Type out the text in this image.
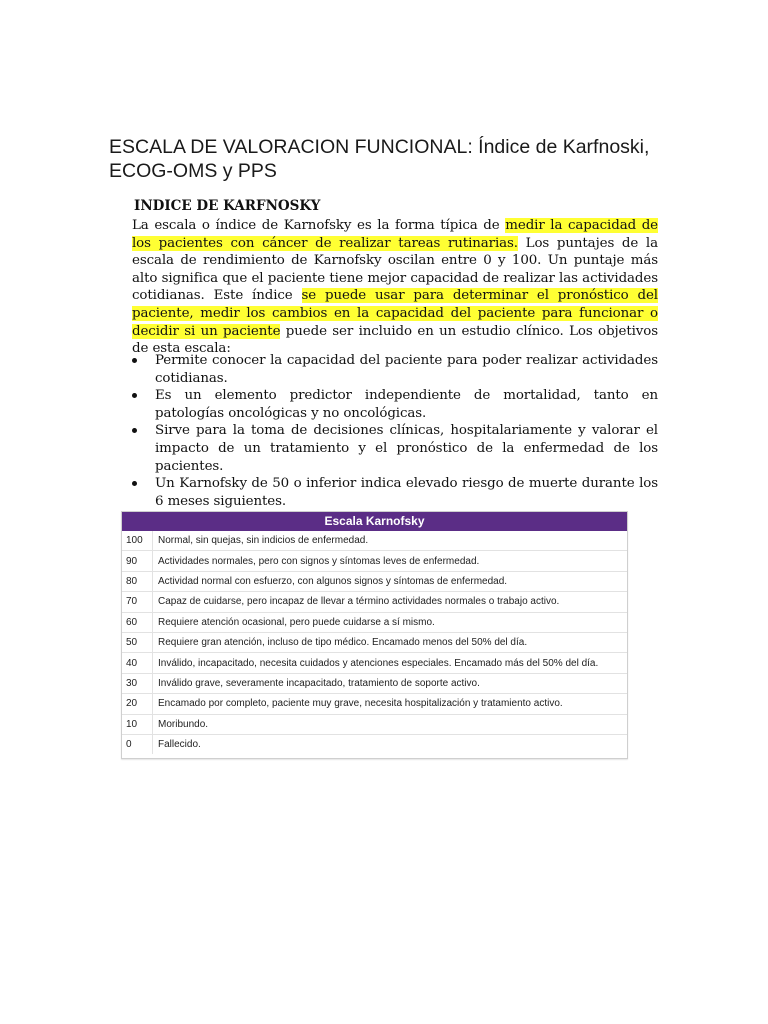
ESCALA DE VALORACION FUNCIONAL: Índice de Karfnoski, ECOG-OMS y PPS
INDICE DE KARFNOSKY
La escala o índice de Karnofsky es la forma típica de medir la capacidad de los pacientes con cáncer de realizar tareas rutinarias. Los puntajes de la escala de rendimiento de Karnofsky oscilan entre 0 y 100. Un puntaje más alto significa que el paciente tiene mejor capacidad de realizar las actividades cotidianas. Este índice se puede usar para determinar el pronóstico del paciente, medir los cambios en la capacidad del paciente para funcionar o decidir si un paciente puede ser incluido en un estudio clínico. Los objetivos de esta escala:
Permite conocer la capacidad del paciente para poder realizar actividades cotidianas.
Es un elemento predictor independiente de mortalidad, tanto en patologías oncológicas y no oncológicas.
Sirve para la toma de decisiones clínicas, hospitalariamente y valorar el impacto de un tratamiento y el pronóstico de la enfermedad de los pacientes.
Un Karnofsky de 50 o inferior indica elevado riesgo de muerte durante los 6 meses siguientes.
Escala Karnofsky
100	Normal, sin quejas, sin indicios de enfermedad.
90	Actividades normales, pero con signos y síntomas leves de enfermedad.
80	Actividad normal con esfuerzo, con algunos signos y síntomas de enfermedad.
70	Capaz de cuidarse, pero incapaz de llevar a término actividades normales o trabajo activo.
60	Requiere atención ocasional, pero puede cuidarse a sí mismo.
50	Requiere gran atención, incluso de tipo médico. Encamado menos del 50% del día.
40	Inválido, incapacitado, necesita cuidados y atenciones especiales. Encamado más del 50% del día.
30	Inválido grave, severamente incapacitado, tratamiento de soporte activo.
20	Encamado por completo, paciente muy grave, necesita hospitalización y tratamiento activo.
10	Moribundo.
0	Fallecido.
